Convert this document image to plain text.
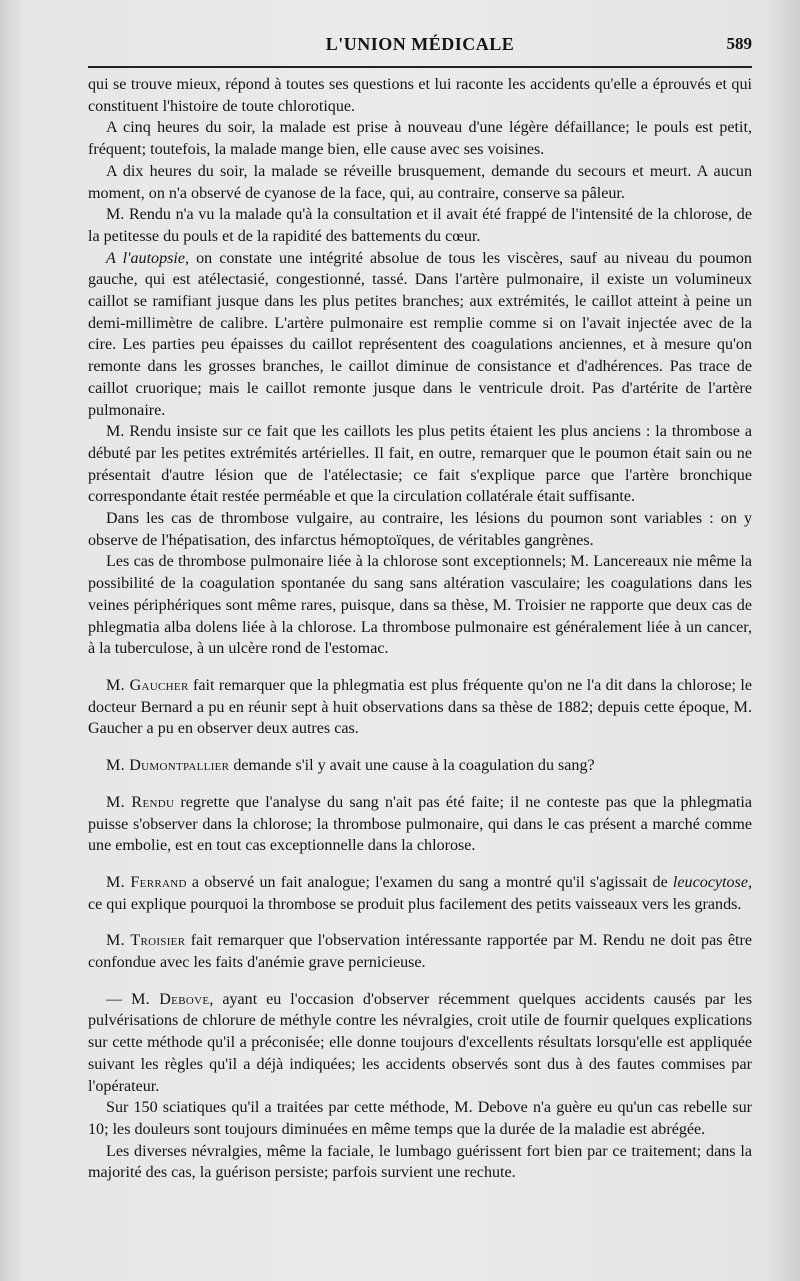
L'UNION MÉDICALE	589

qui se trouve mieux, répond à toutes ses questions et lui raconte les accidents qu'elle a éprouvés et qui constituent l'histoire de toute chlorotique.

A cinq heures du soir, la malade est prise à nouveau d'une légère défaillance; le pouls est petit, fréquent; toutefois, la malade mange bien, elle cause avec ses voisines.

A dix heures du soir, la malade se réveille brusquement, demande du secours et meurt. A aucun moment, on n'a observé de cyanose de la face, qui, au contraire, conserve sa pâleur.

M. Rendu n'a vu la malade qu'à la consultation et il avait été frappé de l'intensité de la chlorose, de la petitesse du pouls et de la rapidité des battements du cœur.

A l'autopsie, on constate une intégrité absolue de tous les viscères, sauf au niveau du poumon gauche, qui est atélectasié, congestionné, tassé. Dans l'artère pulmonaire, il existe un volumineux caillot se ramifiant jusque dans les plus petites branches; aux extrémités, le caillot atteint à peine un demi-millimètre de calibre. L'artère pulmonaire est remplie comme si on l'avait injectée avec de la cire. Les parties peu épaisses du caillot représentent des coagulations anciennes, et à mesure qu'on remonte dans les grosses branches, le caillot diminue de consistance et d'adhérences. Pas trace de caillot cruorique; mais le caillot remonte jusque dans le ventricule droit. Pas d'artérite de l'artère pulmonaire.

M. Rendu insiste sur ce fait que les caillots les plus petits étaient les plus anciens : la thrombose a débuté par les petites extrémités artérielles. Il fait, en outre, remarquer que le poumon était sain ou ne présentait d'autre lésion que de l'atélectasie; ce fait s'explique parce que l'artère bronchique correspondante était restée perméable et que la circulation collatérale était suffisante.

Dans les cas de thrombose vulgaire, au contraire, les lésions du poumon sont variables : on y observe de l'hépatisation, des infarctus hémoptoïques, de véritables gangrènes.

Les cas de thrombose pulmonaire liée à la chlorose sont exceptionnels; M. Lancereaux nie même la possibilité de la coagulation spontanée du sang sans altération vasculaire; les coagulations dans les veines périphériques sont même rares, puisque, dans sa thèse, M. Troisier ne rapporte que deux cas de phlegmatia alba dolens liée à la chlorose. La thrombose pulmonaire est généralement liée à un cancer, à la tuberculose, à un ulcère rond de l'estomac.

M. Gaucher fait remarquer que la phlegmatia est plus fréquente qu'on ne l'a dit dans la chlorose; le docteur Bernard a pu en réunir sept à huit observations dans sa thèse de 1882; depuis cette époque, M. Gaucher a pu en observer deux autres cas.

M. Dumontpallier demande s'il y avait une cause à la coagulation du sang?

M. Rendu regrette que l'analyse du sang n'ait pas été faite; il ne conteste pas que la phlegmatia puisse s'observer dans la chlorose; la thrombose pulmonaire, qui dans le cas présent a marché comme une embolie, est en tout cas exceptionnelle dans la chlorose.

M. Ferrand a observé un fait analogue; l'examen du sang a montré qu'il s'agissait de leucocytose, ce qui explique pourquoi la thrombose se produit plus facilement des petits vaisseaux vers les grands.

M. Troisier fait remarquer que l'observation intéressante rapportée par M. Rendu ne doit pas être confondue avec les faits d'anémie grave pernicieuse.

— M. Debove, ayant eu l'occasion d'observer récemment quelques accidents causés par les pulvérisations de chlorure de méthyle contre les névralgies, croit utile de fournir quelques explications sur cette méthode qu'il a préconisée; elle donne toujours d'excellents résultats lorsqu'elle est appliquée suivant les règles qu'il a déjà indiquées; les accidents observés sont dus à des fautes commises par l'opérateur.

Sur 150 sciatiques qu'il a traitées par cette méthode, M. Debove n'a guère eu qu'un cas rebelle sur 10; les douleurs sont toujours diminuées en même temps que la durée de la maladie est abrégée.

Les diverses névralgies, même la faciale, le lumbago guérissent fort bien par ce traitement; dans la majorité des cas, la guérison persiste; parfois survient une rechute.
